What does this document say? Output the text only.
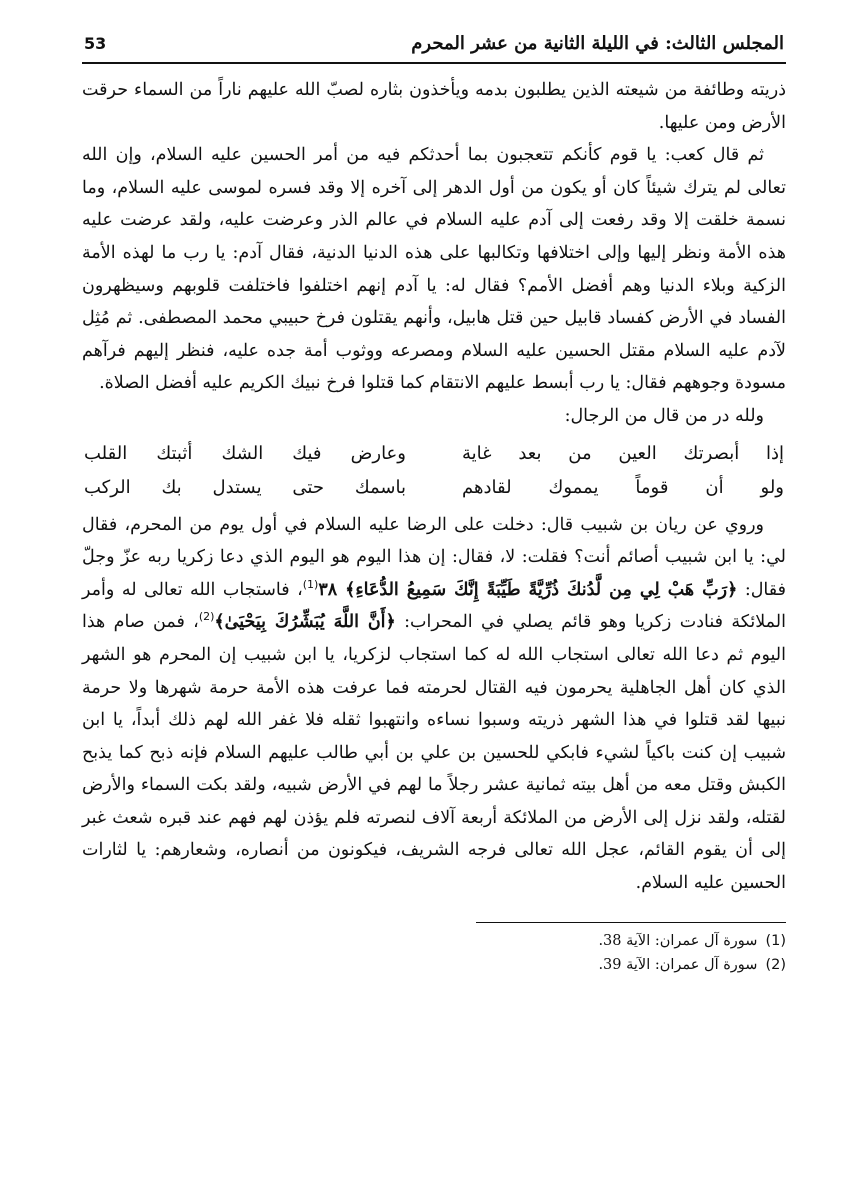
المجلس الثالث: في الليلة الثانية من عشر المحرم
53

ذريته وطائفة من شيعته الذين يطلبون بدمه ويأخذون بثاره لصبّ الله عليهم ناراً من السماء حرقت الأرض ومن عليها.

ثم قال كعب: يا قوم كأنكم تتعجبون بما أحدثكم فيه من أمر الحسين عليه السلام، وإن الله تعالى لم يترك شيئاً كان أو يكون من أول الدهر إلى آخره إلا وقد فسره لموسى عليه السلام، وما نسمة خلقت إلا وقد رفعت إلى آدم عليه السلام في عالم الذر وعرضت عليه، ولقد عرضت عليه هذه الأمة ونظر إليها وإلى اختلافها وتكالبها على هذه الدنيا الدنية، فقال آدم: يا رب ما لهذه الأمة الزكية وبلاء الدنيا وهم أفضل الأمم؟ فقال له: يا آدم إنهم اختلفوا فاختلفت قلوبهم وسيظهرون الفساد في الأرض كفساد قابيل حين قتل هابيل، وأنهم يقتلون فرخ حبيبي محمد المصطفى. ثم مُثِل لآدم عليه السلام مقتل الحسين عليه السلام ومصرعه ووثوب أمة جده عليه، فنظر إليهم فرآهم مسودة وجوههم فقال: يا رب أبسط عليهم الانتقام كما قتلوا فرخ نبيك الكريم عليه أفضل الصلاة.

ولله در من قال من الرجال:

إذا أبصرتك العين من بعد غاية
وعارض فيك الشك أثبتك القلب
ولو أن قوماً يمموك لقادهم
باسمك حتى يستدل بك الركب

وروي عن ريان بن شبيب قال: دخلت على الرضا عليه السلام في أول يوم من المحرم، فقال لي: يا ابن شبيب أصائم أنت؟ فقلت: لا، فقال: إن هذا اليوم هو اليوم الذي دعا زكريا ربه عزّ وجلّ فقال: ﴿رَبِّ هَبْ لِي مِن لَّدُنكَ ذُرِّيَّةً طَيِّبَةً إِنَّكَ سَمِيعُ الدُّعَاءِ﴾ ٣٨$^{(1)}$، فاستجاب الله تعالى له وأمر الملائكة فنادت زكريا وهو قائم يصلي في المحراب: ﴿أَنَّ اللَّهَ يُبَشِّرُكَ بِيَحْيَىٰ﴾$^{(2)}$، فمن صام هذا اليوم ثم دعا الله تعالى استجاب الله له كما استجاب لزكريا، يا ابن شبيب إن المحرم هو الشهر الذي كان أهل الجاهلية يحرمون فيه القتال لحرمته فما عرفت هذه الأمة حرمة شهرها ولا حرمة نبيها لقد قتلوا في هذا الشهر ذريته وسبوا نساءه وانتهبوا ثقله فلا غفر الله لهم ذلك أبداً، يا ابن شبيب إن كنت باكياً لشيء فابكي للحسين بن علي بن أبي طالب عليهم السلام فإنه ذبح كما يذبح الكبش وقتل معه من أهل بيته ثمانية عشر رجلاً ما لهم في الأرض شبيه، ولقد بكت السماء والأرض لقتله، ولقد نزل إلى الأرض من الملائكة أربعة آلاف لنصرته فلم يؤذن لهم فهم عند قبره شعث غبر إلى أن يقوم القائم، عجل الله تعالى فرجه الشريف، فيكونون من أنصاره، وشعارهم: يا لثارات الحسين عليه السلام.

(1)
سورة آل عمران: الآية 38.
(2)
سورة آل عمران: الآية 39.
